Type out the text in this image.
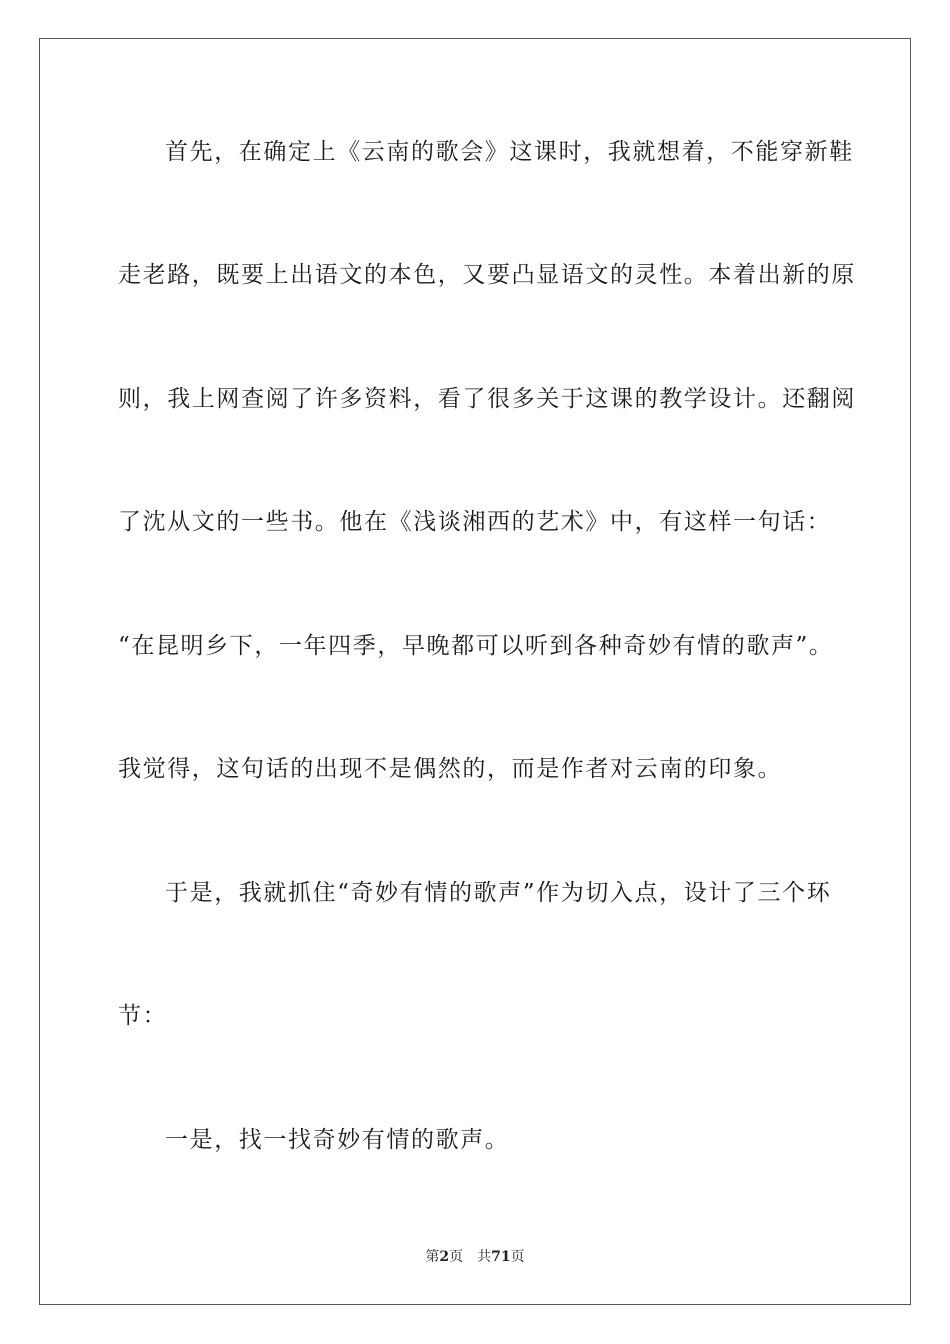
首先，在确定上《云南的歌会》这课时，我就想着，不能穿新鞋
走老路，既要上出语文的本色，又要凸显语文的灵性。本着出新的原
则，我上网查阅了许多资料，看了很多关于这课的教学设计。还翻阅
了沈从文的一些书。他在《浅谈湘西的艺术》中，有这样一句话：
“在昆明乡下，一年四季，早晚都可以听到各种奇妙有情的歌声”。
我觉得，这句话的出现不是偶然的，而是作者对云南的印象。
于是，我就抓住“奇妙有情的歌声”作为切入点，设计了三个环
节：
一是，找一找奇妙有情的歌声。
第2页 共71页
